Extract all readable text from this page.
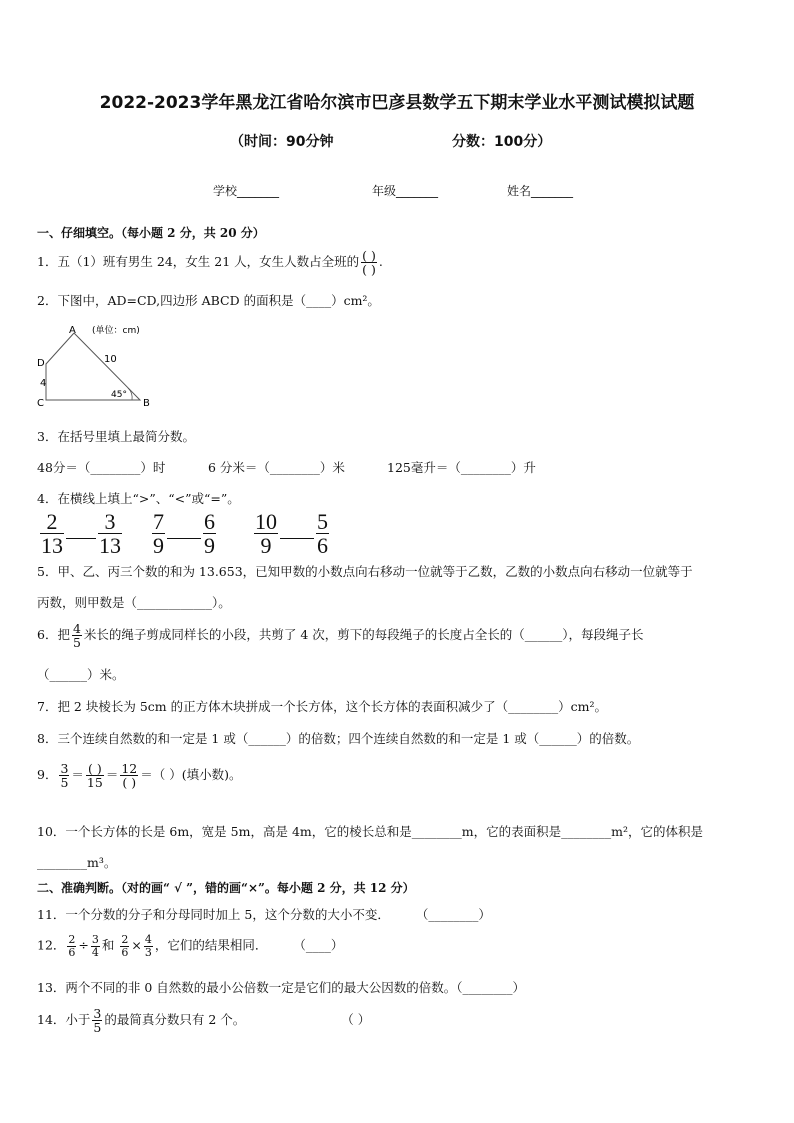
2022-2023学年黑龙江省哈尔滨市巴彦县数学五下期末学业水平测试模拟试题
（时间：90分钟	分数：100分）
学校_______	年级_______	姓名_______
一、仔细填空。（每小题 2 分，共 20 分）
1．五（1）班有男生 24，女生 21 人，女生人数占全班的 $\frac{( )}{( )}$ .
2．下图中，AD=CD,四边形 ABCD 的面积是（____）cm²。
A (单位：cm)
D
C	B
10
4
45°
3．在括号里填上最简分数。
48分＝（________）时	6 分米＝（________）米	125毫升＝（________）升
4．在横线上填上“>”、“<”或“=”。
$\frac{2}{13} \frac{3}{13} \frac{7}{9} \frac{6}{9} \frac{10}{9} \frac{5}{6}$
5．甲、乙、丙三个数的和为 13.653，已知甲数的小数点向右移动一位就等于乙数，乙数的小数点向右移动一位就等于
丙数，则甲数是（____________）。
6．把 $\frac{4}{5}$ 米长的绳子剪成同样长的小段，共剪了 4 次，剪下的每段绳子的长度占全长的（______），每段绳子长
（______）米。
7．把 2 块棱长为 5cm 的正方体木块拼成一个长方体，这个长方体的表面积减少了（________）cm²。
8．三个连续自然数的和一定是 1 或（______）的倍数；四个连续自然数的和一定是 1 或（______）的倍数。
9． $\frac{3}{5} = \frac{( )}{15} = \frac{12}{( )}$ ＝（ ）(填小数)。
10．一个长方体的长是 6m，宽是 5m，高是 4m，它的棱长总和是________m，它的表面积是________m²，它的体积是
________m³。
二、准确判断。（对的画“ √ ”，错的画“×”。每小题 2 分，共 12 分）
11．一个分数的分子和分母同时加上 5，这个分数的大小不变． （________）
12． $\frac{2}{6} \div \frac{3}{4}$ 和 $\frac{2}{6} \times \frac{4}{3}$ ，它们的结果相同． （____）
13．两个不同的非 0 自然数的最小公倍数一定是它们的最大公因数的倍数。（________）
14．小于 $\frac{3}{5}$ 的最简真分数只有 2 个。	（ ）
